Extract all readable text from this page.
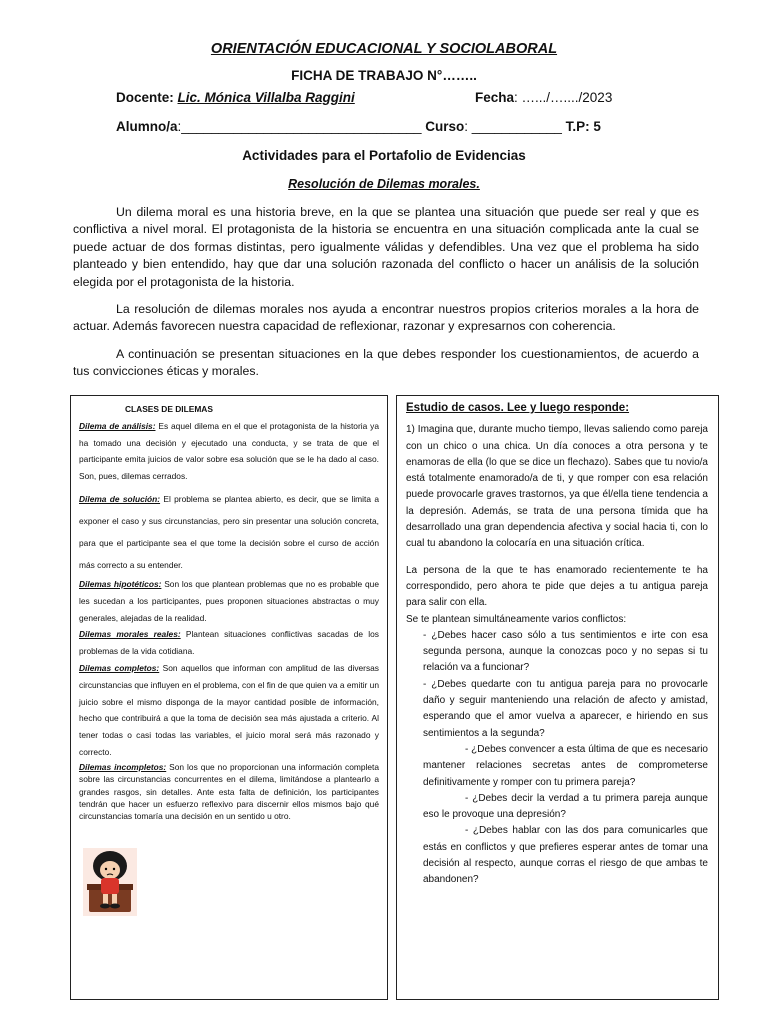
ORIENTACIÓN EDUCACIONAL Y SOCIOLABORAL
FICHA DE TRABAJO N°……..
Docente: Lic. Mónica Villalba Raggini	Fecha: ….../…..../2023
Alumno/a:________________________________ Curso: ____________ T.P: 5
Actividades para el Portafolio de Evidencias
Resolución de Dilemas morales.
Un dilema moral es una historia breve, en la que se plantea una situación que puede ser real y que es conflictiva a nivel moral. El protagonista de la historia se encuentra en una situación complicada ante la cual se puede actuar de dos formas distintas, pero igualmente válidas y defendibles. Una vez que el problema ha sido planteado y bien entendido, hay que dar una solución razonada del conflicto o hacer un análisis de la solución elegida por el protagonista de la historia.
La resolución de dilemas morales nos ayuda a encontrar nuestros propios criterios morales a la hora de actuar. Además favorecen nuestra capacidad de reflexionar, razonar y expresarnos con coherencia.
A continuación se presentan situaciones en la que debes responder los cuestionamientos, de acuerdo a tus convicciones éticas y morales.
CLASES DE DILEMAS

Dilema de análisis: Es aquel dilema en el que el protagonista de la historia ya ha tomado una decisión y ejecutado una conducta, y se trata de que el participante emita juicios de valor sobre esa solución que se le ha dado al caso. Son, pues, dilemas cerrados.

Dilema de solución: El problema se plantea abierto, es decir, que se limita a exponer el caso y sus circunstancias, pero sin presentar una solución concreta, para que el participante sea el que tome la decisión sobre el curso de acción más correcto a su entender.

Dilemas hipotéticos: Son los que plantean problemas que no es probable que les sucedan a los participantes, pues proponen situaciones abstractas o muy generales, alejadas de la realidad.

Dilemas morales reales: Plantean situaciones conflictivas sacadas de los problemas de la vida cotidiana.

Dilemas completos: Son aquellos que informan con amplitud de las diversas circunstancias que influyen en el problema, con el fin de que quien va a emitir un juicio sobre el mismo disponga de la mayor cantidad posible de información, hecho que contribuirá a que la toma de decisión sea más ajustada a criterio. Al tener todas o casi todas las variables, el juicio moral será más razonado y correcto.

Dilemas incompletos: Son los que no proporcionan una información completa sobre las circunstancias concurrentes en el dilema, limitándose a plantearlo a grandes rasgos, sin detalles. Ante esta falta de definición, los participantes tendrán que hacer un esfuerzo reflexivo para discernir ellos mismos bajo qué circunstancias tomaría una decisión en un sentido u otro.

Estudio de casos. Lee y luego responde:

1) Imagina que, durante mucho tiempo, llevas saliendo como pareja con un chico o una chica. Un día conoces a otra persona y te enamoras de ella (lo que se dice un flechazo). Sabes que tu novio/a está totalmente enamorado/a de ti, y que romper con esa relación puede provocarle graves trastornos, ya que él/ella tiene tendencia a la depresión. Además, se trata de una persona tímida que ha desarrollado una gran dependencia afectiva y social hacia ti, con lo cual tu abandono la colocaría en una situación crítica.

La persona de la que te has enamorado recientemente te ha correspondido, pero ahora te pide que dejes a tu antigua pareja para salir con ella.

Se te plantean simultáneamente varios conflictos:

- ¿Debes hacer caso sólo a tus sentimientos e irte con esa segunda persona, aunque la conozcas poco y no sepas si tu relación va a funcionar?

- ¿Debes quedarte con tu antigua pareja para no provocarle daño y seguir manteniendo una relación de afecto y amistad, esperando que el amor vuelva a aparecer, e hiriendo en sus sentimientos a la segunda?

- ¿Debes convencer a esta última de que es necesario mantener relaciones secretas antes de comprometerse definitivamente y romper con tu primera pareja?

- ¿Debes decir la verdad a tu primera pareja aunque eso le provoque una depresión?

- ¿Debes hablar con las dos para comunicarles que estás en conflictos y que prefieres esperar antes de tomar una decisión al respecto, aunque corras el riesgo de que ambas te abandonen?
